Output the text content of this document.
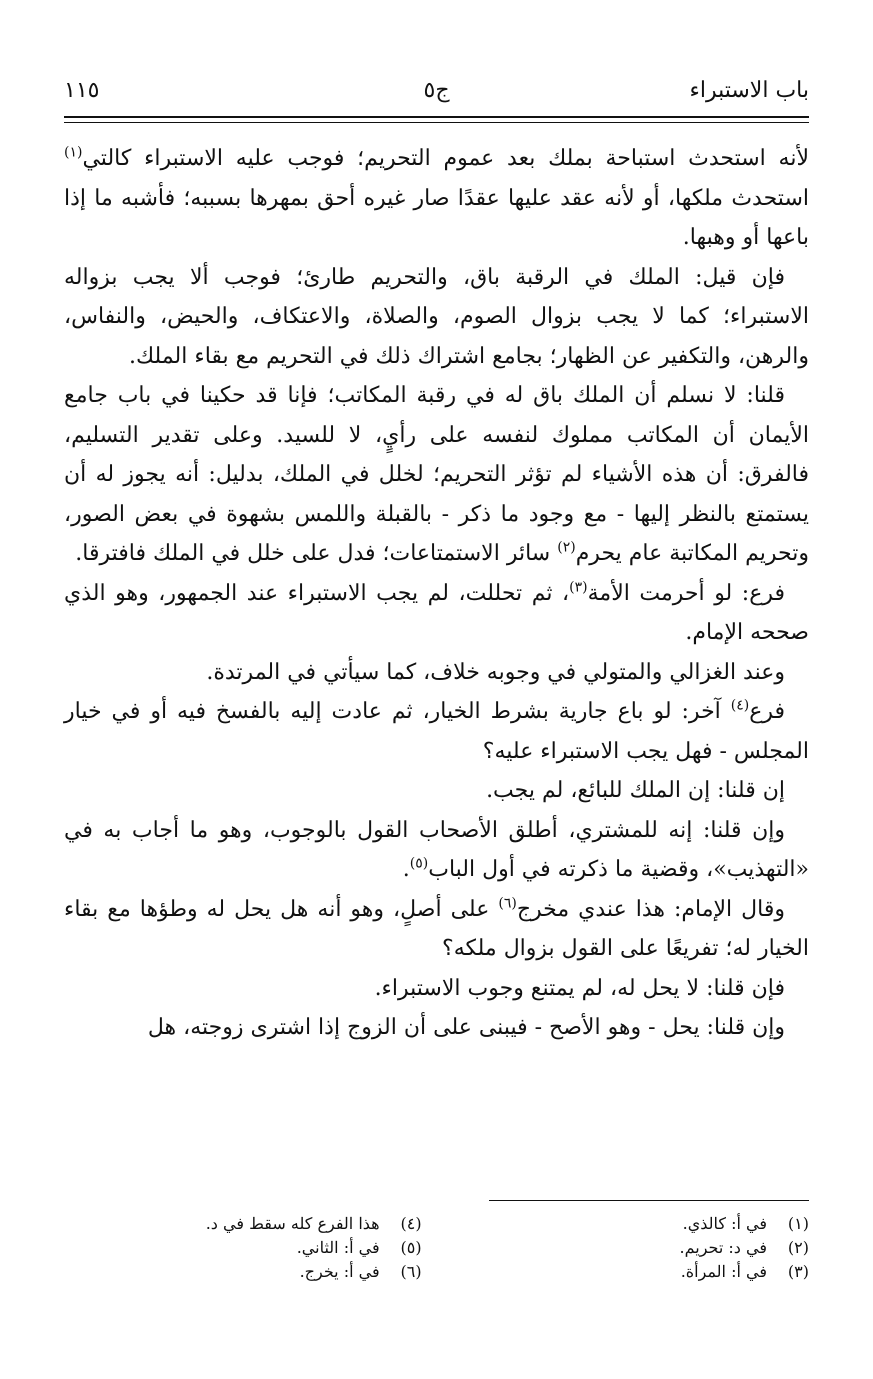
باب الاستبراء
ج٥
١١٥

لأنه استحدث استباحة بملك بعد عموم التحريم؛ فوجب عليه الاستبراء كالتي$^{(١)}$ استحدث ملكها، أو لأنه عقد عليها عقدًا صار غيره أحق بمهرها بسببه؛ فأشبه ما إذا باعها أو وهبها.

فإن قيل: الملك في الرقبة باق، والتحريم طارئ؛ فوجب ألا يجب بزواله الاستبراء؛ كما لا يجب بزوال الصوم، والصلاة، والاعتكاف، والحيض، والنفاس، والرهن، والتكفير عن الظهار؛ بجامع اشتراك ذلك في التحريم مع بقاء الملك.

قلنا: لا نسلم أن الملك باق له في رقبة المكاتب؛ فإنا قد حكينا في باب جامع الأيمان أن المكاتب مملوك لنفسه على رأيٍ، لا للسيد. وعلى تقدير التسليم، فالفرق: أن هذه الأشياء لم تؤثر التحريم؛ لخلل في الملك، بدليل: أنه يجوز له أن يستمتع بالنظر إليها - مع وجود ما ذكر - بالقبلة واللمس بشهوة في بعض الصور، وتحريم المكاتبة عام يحرم$^{(٢)}$ سائر الاستمتاعات؛ فدل على خلل في الملك فافترقا.

فرع: لو أحرمت الأمة$^{(٣)}$، ثم تحللت، لم يجب الاستبراء عند الجمهور، وهو الذي صححه الإمام.

وعند الغزالي والمتولي في وجوبه خلاف، كما سيأتي في المرتدة.

فرع$^{(٤)}$ آخر: لو باع جارية بشرط الخيار، ثم عادت إليه بالفسخ فيه أو في خيار المجلس - فهل يجب الاستبراء عليه؟

إن قلنا: إن الملك للبائع، لم يجب.

وإن قلنا: إنه للمشتري، أطلق الأصحاب القول بالوجوب، وهو ما أجاب به في «التهذيب»، وقضية ما ذكرته في أول الباب$^{(٥)}$.

وقال الإمام: هذا عندي مخرج$^{(٦)}$ على أصلٍ، وهو أنه هل يحل له وطؤها مع بقاء الخيار له؛ تفريعًا على القول بزوال ملكه؟

فإن قلنا: لا يحل له، لم يمتنع وجوب الاستبراء.

وإن قلنا: يحل - وهو الأصح - فيبنى على أن الزوج إذا اشترى زوجته، هل

(١)
في أ: كالذي.
(٢)
في د: تحريم.
(٣)
في أ: المرأة.
(٤)
هذا الفرع كله سقط في د.
(٥)
في أ: الثاني.
(٦)
في أ: يخرج.
